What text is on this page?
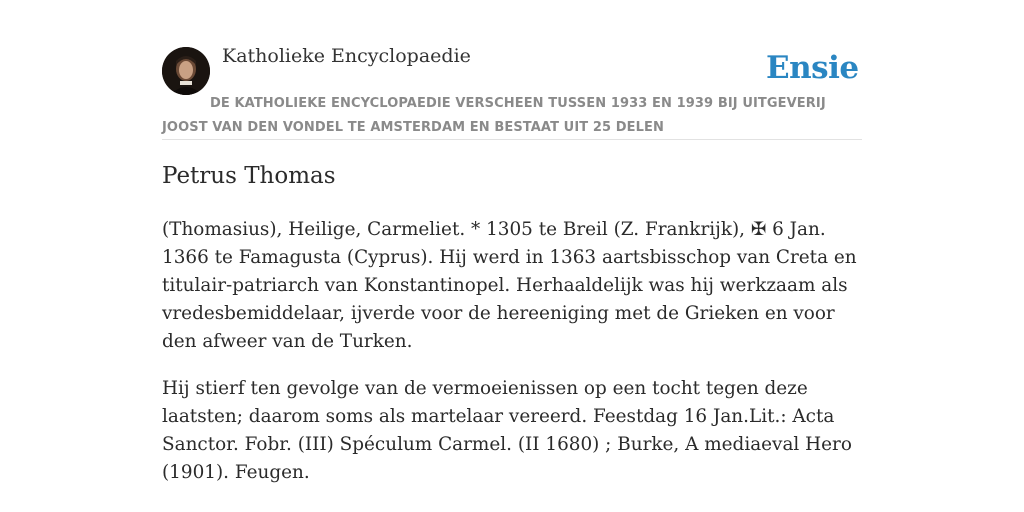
Katholieke Encyclopaedie	Ensie
DE KATHOLIEKE ENCYCLOPAEDIE VERSCHEEN TUSSEN 1933 EN 1939 BIJ UITGEVERIJ JOOST VAN DEN VONDEL TE AMSTERDAM EN BESTAAT UIT 25 DELEN
Petrus Thomas

(Thomasius), Heilige, Carmeliet. * 1305 te Breil (Z. Frankrijk), ✠ 6 Jan. 1366 te Famagusta (Cyprus). Hij werd in 1363 aartsbisschop van Creta en titulair-patriarch van Konstantinopel. Herhaaldelijk was hij werkzaam als vredesbemiddelaar, ijverde voor de hereeniging met de Grieken en voor den afweer van de Turken.

Hij stierf ten gevolge van de vermoeienissen op een tocht tegen deze laatsten; daarom soms als martelaar vereerd. Feestdag 16 Jan.Lit.: Acta Sanctor. Fobr. (III) Spéculum Carmel. (II 1680) ; Burke, A mediaeval Hero (1901). Feugen.
